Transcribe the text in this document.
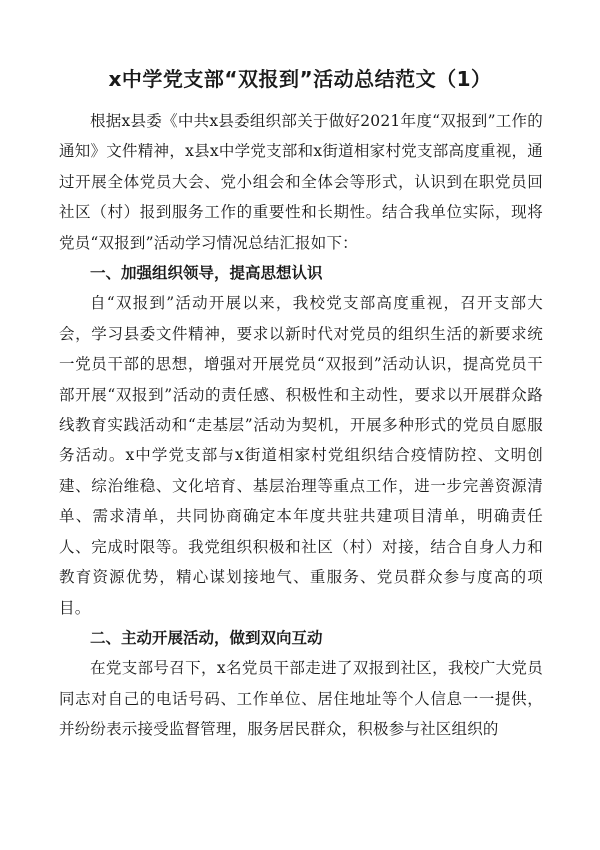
x中学党支部“双报到”活动总结范文（1）

根据x县委《中共x县委组织部关于做好2021年度“双报到”工作的通知》文件精神，x县x中学党支部和x街道相家村党支部高度重视，通过开展全体党员大会、党小组会和全体会等形式，认识到在职党员回社区（村）报到服务工作的重要性和长期性。结合我单位实际，现将党员“双报到”活动学习情况总结汇报如下：

一、加强组织领导，提高思想认识

自“双报到”活动开展以来，我校党支部高度重视，召开支部大会，学习县委文件精神，要求以新时代对党员的组织生活的新要求统一党员干部的思想，增强对开展党员“双报到”活动认识，提高党员干部开展“双报到”活动的责任感、积极性和主动性，要求以开展群众路线教育实践活动和“走基层”活动为契机，开展多种形式的党员自愿服务活动。x中学党支部与x街道相家村党组织结合疫情防控、文明创建、综治维稳、文化培育、基层治理等重点工作，进一步完善资源清单、需求清单，共同协商确定本年度共驻共建项目清单，明确责任人、完成时限等。我党组织积极和社区（村）对接，结合自身人力和教育资源优势，精心谋划接地气、重服务、党员群众参与度高的项目。

二、主动开展活动，做到双向互动

在党支部号召下，x名党员干部走进了双报到社区，我校广大党员同志对自己的电话号码、工作单位、居住地址等个人信息一一提供，并纷纷表示接受监督管理，服务居民群众，积极参与社区组织的
